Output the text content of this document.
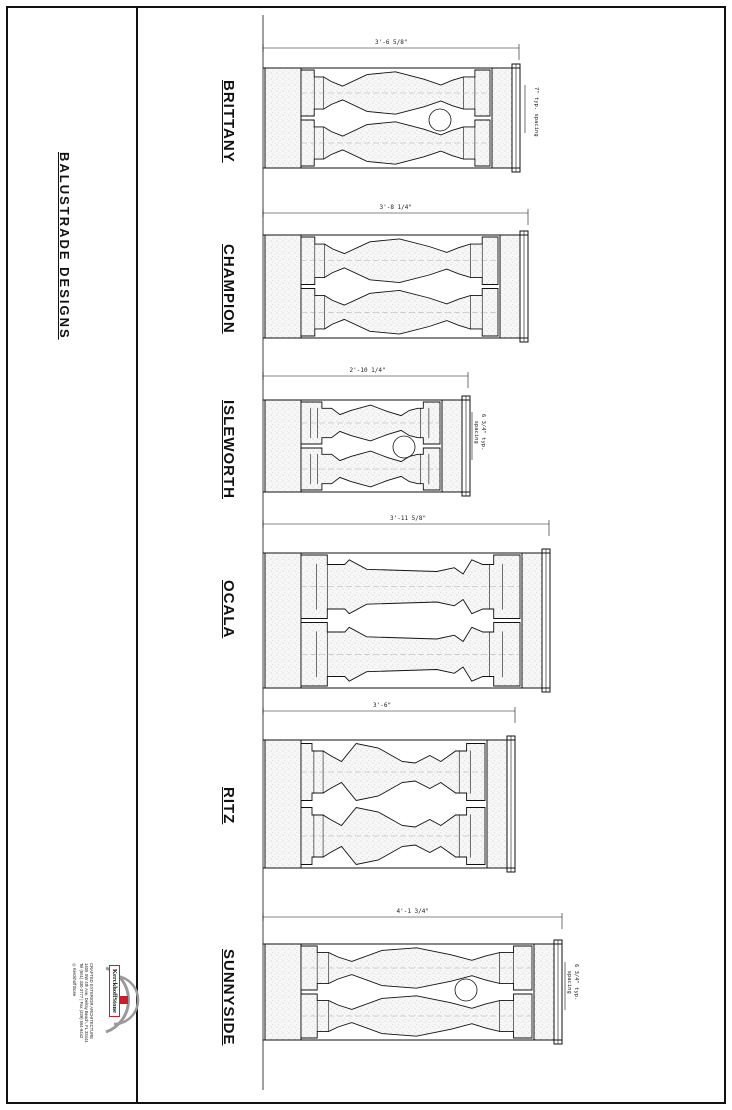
BALUSTRADE DESIGNS
BRITTANY
3'-6 5/8"
7" typ. spacing
CHAMPION
3'-8 1/4"
ISLEWORTH
2'-10 1/4"
6 3/4" typ.
spacing
OCALA
3'-11 5/8"
RITZ
3'-6"
SUNNYSIDE
4'-1 3/4"
6 3/4" typ.
spacing
KerckhoffStone
CRAFTED EXTERIOR ARCHITECTURE
1405 SW 4th Ave, Delray Beach, FL 33444
Tel (561) 330-3777 | Fax (239) 564-9442
◎ KerckhoffStone
